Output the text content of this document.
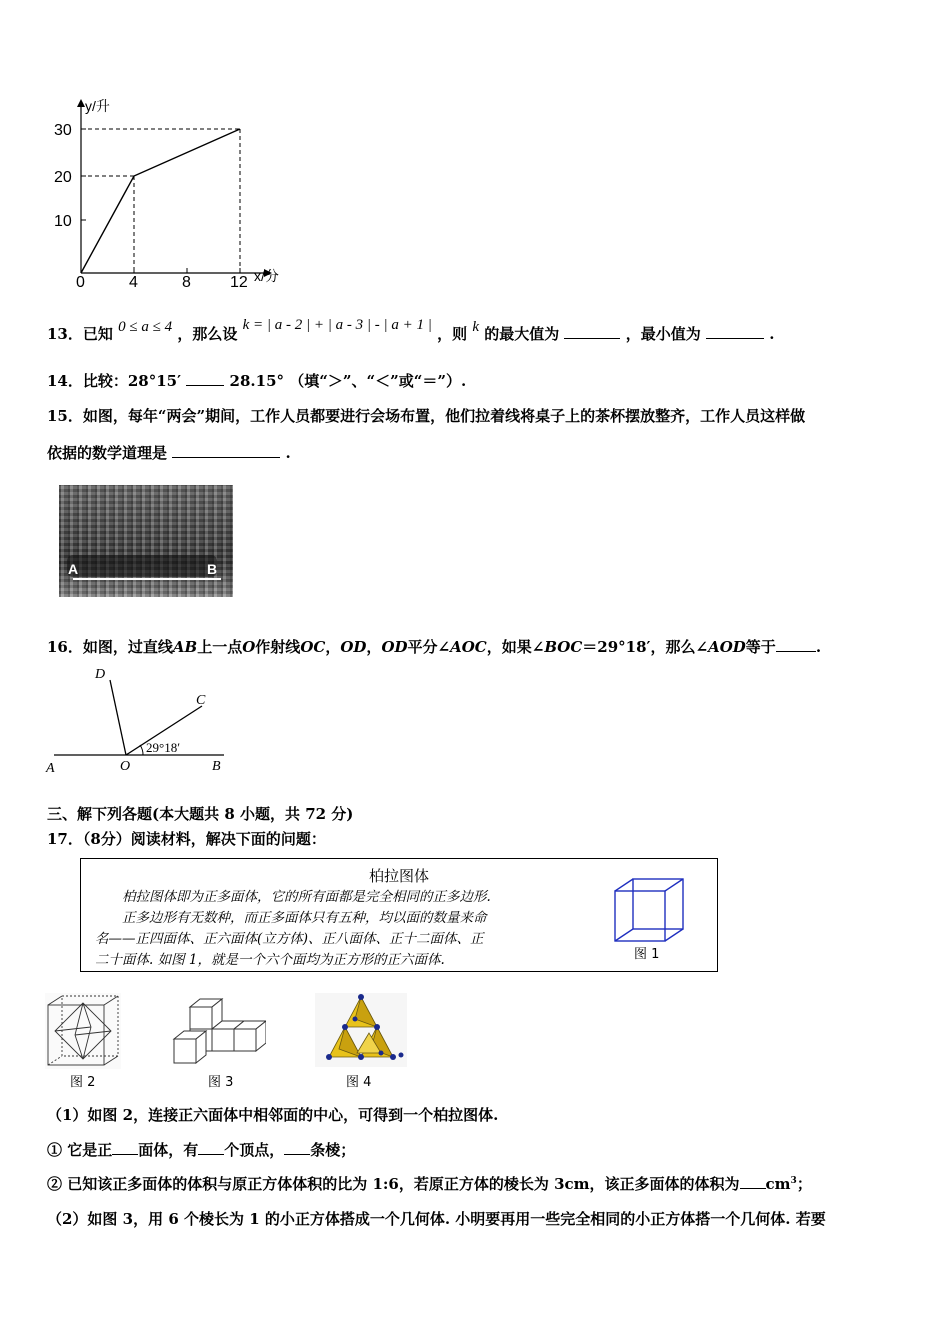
y/升
x/分
30
20
10
0	4	8 12
13．已知 0 ≤ a ≤ 4 ，那么设 k = | a - 2 | + | a - 3 | - | a + 1 | ，则 k 的最大值为	，最小值为	.
14．比较：28°15′	28.15° （填“＞”、“＜”或“＝”）.
15．如图，每年“两会”期间，工作人员都要进行会场布置，他们拉着线将桌子上的茶杯摆放整齐，工作人员这样做
依据的数学道理是	.
A	B
16．如图，过直线AB上一点O作射线OC，OD，OD平分∠AOC，如果∠BOC＝29°18′，那么∠AOD等于	.
D
C
A	O	B
29°18′
三、解下列各题(本大题共 8 小题，共 72 分)
17．（8分）阅读材料，解决下面的问题：
柏拉图体
　　柏拉图体即为正多面体，它的所有面都是完全相同的正多边形.
　　正多边形有无数种，而正多面体只有五种，均以面的数量来命
名——正四面体、正六面体(立方体)、正八面体、正十二面体、正
二十面体. 如图 1，就是一个六个面均为正方形的正六面体.	图 1
图 2	图 3	图 4
（1）如图 2，连接正六面体中相邻面的中心，可得到一个柏拉图体.
① 它是正 面体，有 个顶点， 条棱；
② 已知该正多面体的体积与原正方体体积的比为 1:6，若原正方体的棱长为 3cm，该正多面体的体积为 $cm^3$；
（2）如图 3，用 6 个棱长为 1 的小正方体搭成一个几何体. 小明要再用一些完全相同的小正方体搭一个几何体. 若要
